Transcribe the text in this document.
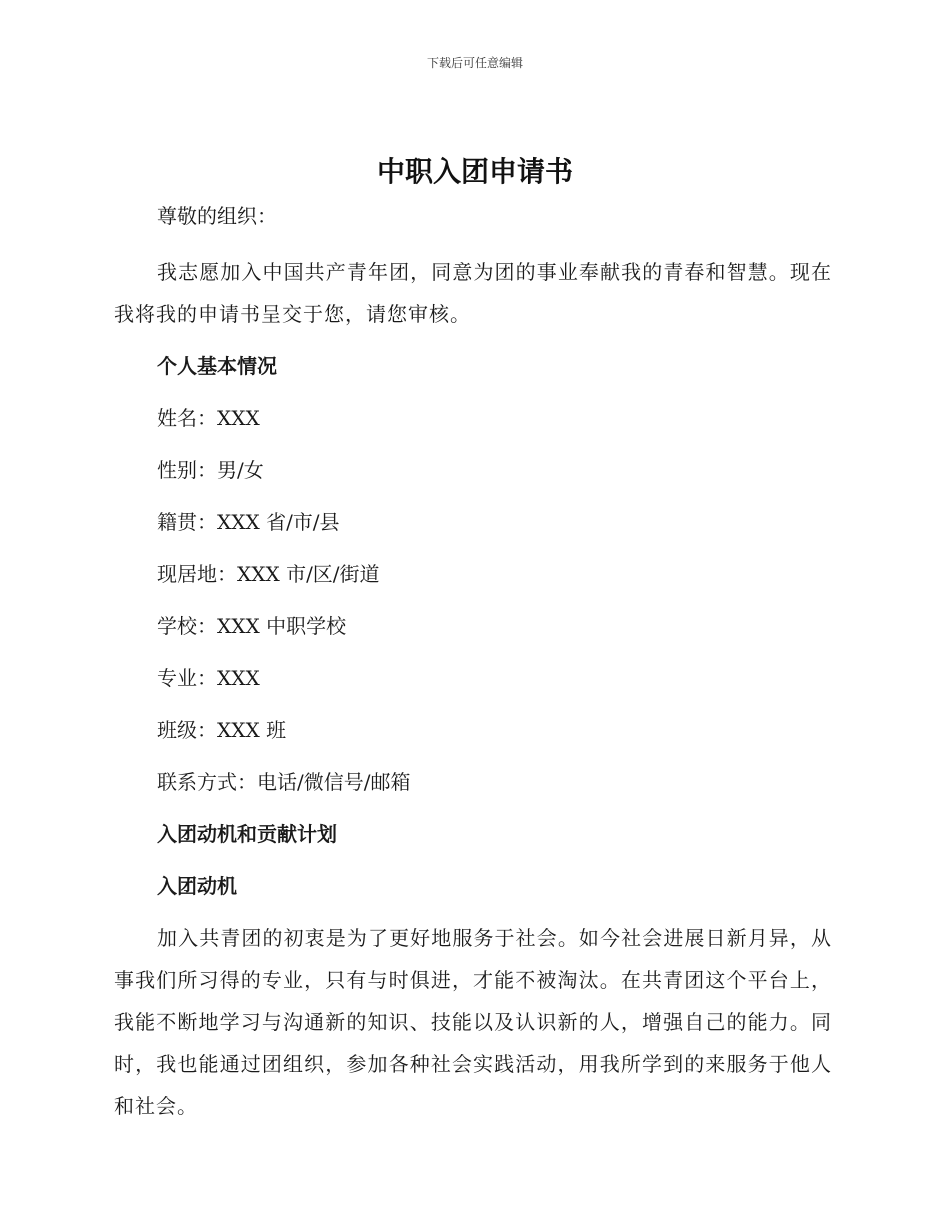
下载后可任意编辑
中职入团申请书

尊敬的组织：

我志愿加入中国共产青年团，同意为团的事业奉献我的青春和智慧。现在我将我的申请书呈交于您，请您审核。

个人基本情况

姓名：XXX

性别：男/女

籍贯：XXX 省/市/县

现居地：XXX 市/区/街道

学校：XXX 中职学校

专业：XXX

班级：XXX 班

联系方式：电话/微信号/邮箱

入团动机和贡献计划

入团动机

加入共青团的初衷是为了更好地服务于社会。如今社会进展日新月异，从事我们所习得的专业，只有与时俱进，才能不被淘汰。在共青团这个平台上，我能不断地学习与沟通新的知识、技能以及认识新的人，增强自己的能力。同时，我也能通过团组织，参加各种社会实践活动，用我所学到的来服务于他人和社会。
